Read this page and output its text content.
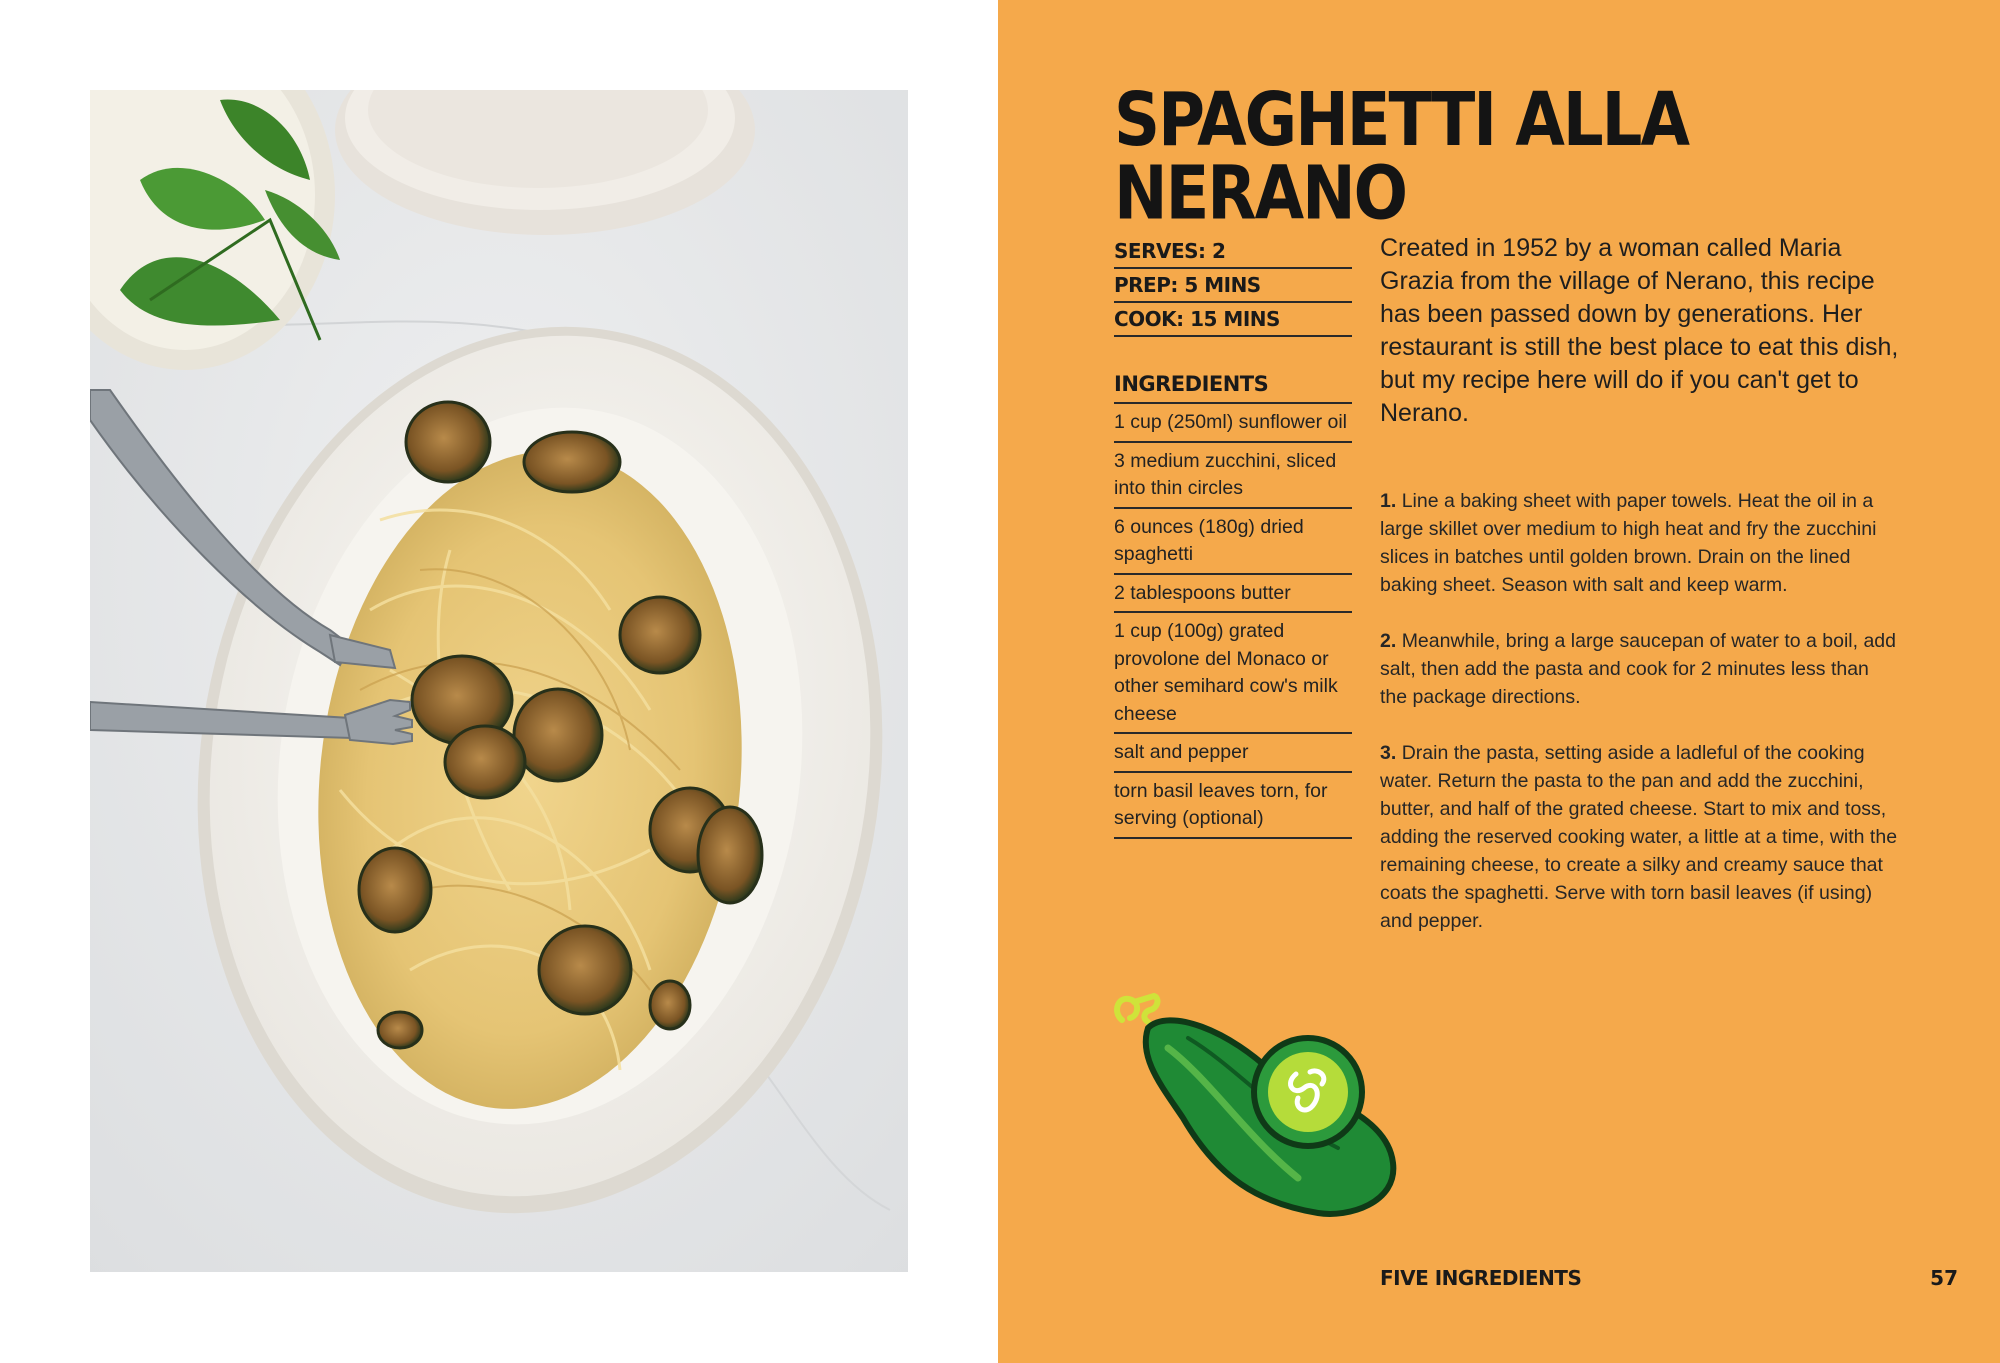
SPAGHETTI ALLA NERANO
SERVES: 2
PREP: 5 MINS
COOK: 15 MINS
INGREDIENTS
1 cup (250ml) sunflower oil
3 medium zucchini, sliced into thin circles
6 ounces (180g) dried spaghetti
2 tablespoons butter
1 cup (100g) grated provolone del Monaco or other semihard cow's milk cheese
salt and pepper
torn basil leaves torn, for serving (optional)

Created in 1952 by a woman called Maria Grazia from the village of Nerano, this recipe has been passed down by generations. Her restaurant is still the best place to eat this dish, but my recipe here will do if you can't get to Nerano.

1. Line a baking sheet with paper towels. Heat the oil in a large skillet over medium to high heat and fry the zucchini slices in batches until golden brown. Drain on the lined baking sheet. Season with salt and keep warm.

2. Meanwhile, bring a large saucepan of water to a boil, add salt, then add the pasta and cook for 2 minutes less than the package directions.

3. Drain the pasta, setting aside a ladleful of the cooking water. Return the pasta to the pan and add the zucchini, butter, and half of the grated cheese. Start to mix and toss, adding the reserved cooking water, a little at a time, with the remaining cheese, to create a silky and creamy sauce that coats the spaghetti. Serve with torn basil leaves (if using) and pepper.

FIVE INGREDIENTS	57
